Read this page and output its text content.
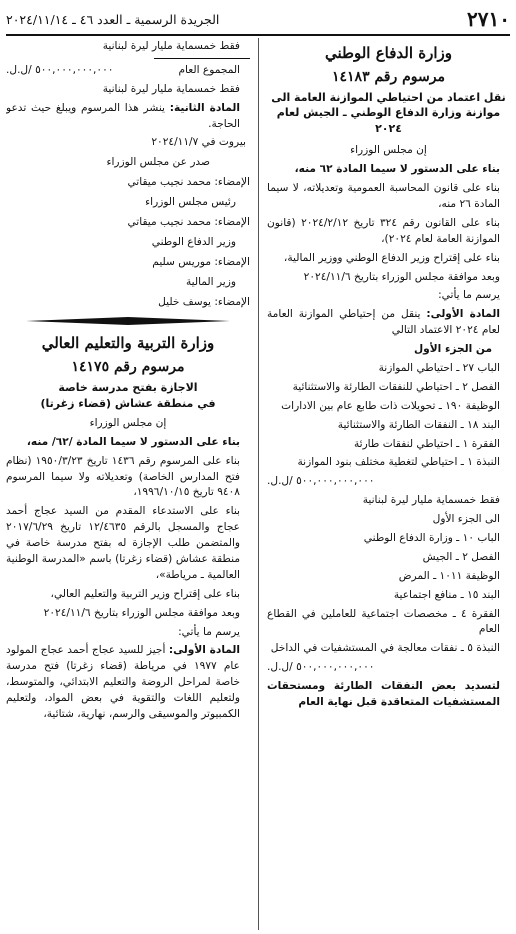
٢٧١٠
الجريدة الرسمية ـ العدد ٤٦ ـ ٢٠٢٤/١١/١٤
وزارة الدفاع الوطني
مرسوم رقم ١٤١٨٣
نقل اعتماد من احتياطي الموازنة العامة الى موازنة وزارة الدفاع الوطني ـ الجيش لعام ٢٠٢٤
إن مجلس الوزراء
بناء على الدستور لا سيما المادة ٦٢ منه،
بناء على قانون المحاسبة العمومية وتعديلاته، لا سيما المادة ٢٦ منه،
بناء على القانون رقم ٣٢٤ تاريخ ٢٠٢٤/٢/١٢ (قانون الموازنة العامة لعام ٢٠٢٤)،
بناء على إقتراح وزير الدفاع الوطني ووزير المالية،
وبعد موافقة مجلس الوزراء بتاريخ ٢٠٢٤/١١/٦
يرسم ما يأتي:
المادة الأولى: ينقل من إحتياطي الموازنة العامة لعام ٢٠٢٤ الاعتماد التالي
من الجزء الأول
الباب ٢٧ ـ احتياطي الموازنة
الفصل ٢ ـ احتياطي للنفقات الطارئة والاستثنائية
الوظيفة ١٩٠ ـ تحويلات ذات طابع عام بين الادارات
البند ١٨ ـ النفقات الطارئة والاستثنائية
الفقرة ١ ـ احتياطي لنفقات طارئة
النبذة ١ ـ احتياطي لتغطية مختلف بنود الموازنة
٥٠٠,٠٠٠,٠٠٠,٠٠٠ /ل.ل.
فقط خمسماية مليار ليرة لبنانية
الى الجزء الأول
الباب ١٠ ـ وزارة الدفاع الوطني
الفصل ٢ ـ الجيش
الوظيفة ١٠١١ ـ المرض
البند ١٥ ـ منافع اجتماعية
الفقرة ٤ ـ مخصصات اجتماعية للعاملين في القطاع العام
النبذة ٥ ـ نفقات معالجة في المستشفيات في الداخل
٥٠٠,٠٠٠,٠٠٠,٠٠٠ /ل.ل.
لتسديد بعض النفقات الطارئة ومستحقات المستشفيات المتعاقدة قبل نهاية العام
فقط خمسماية مليار ليرة لبنانية
المجموع العام
٥٠٠,٠٠٠,٠٠٠,٠٠٠ /ل.ل.
فقط خمسماية مليار ليرة لبنانية
المادة الثانية: ينشر هذا المرسوم ويبلغ حيث تدعو الحاجة.
بيروت في ٢٠٢٤/١١/٧
صدر عن مجلس الوزراء
الإمضاء: محمد نجيب ميقاتي
رئيس مجلس الوزراء
الإمضاء: محمد نجيب ميقاتي
وزير الدفاع الوطني
الإمضاء: موريس سليم
وزير المالية
الإمضاء: يوسف خليل
وزارة التربية والتعليم العالي
مرسوم رقم ١٤١٧٥
الاجازة بفتح مدرسة خاصة
في منطقة عشاش (قضاء زغرتا)
إن مجلس الوزراء
بناء على الدستور لا سيما المادة /٦٢/ منه،
بناء على المرسوم رقم ١٤٣٦ تاريخ ١٩٥٠/٣/٢٣ (نظام فتح المدارس الخاصة) وتعديلاته ولا سيما المرسوم ٩٤٠٨ تاريخ ١٩٩٦/١٠/١٥،
بناء على الاستدعاء المقدم من السيد عجاج أحمد عجاج والمسجل بالرقم ١٢/٤٦٣٥ تاريخ ٢٠١٧/٦/٢٩ والمتضمن طلب الإجازة له بفتح مدرسة خاصة في منطقة عشاش (قضاء زغرتا) باسم «المدرسة الوطنية العالمية ـ مرياطة»،
بناء على إقتراح وزير التربية والتعليم العالي،
وبعد موافقة مجلس الوزراء بتاريخ ٢٠٢٤/١١/٦
يرسم ما يأتي:
المادة الأولى: أجيز للسيد عجاج أحمد عجاج المولود عام ١٩٧٧ في مرياطة (قضاء زغرتا) فتح مدرسة خاصة لمراحل الروضة والتعليم الابتدائي، والمتوسط، ولتعليم اللغات والتقوية في بعض المواد، ولتعليم الكمبيوتر والموسيقى والرسم، نهارية، شتائية،
